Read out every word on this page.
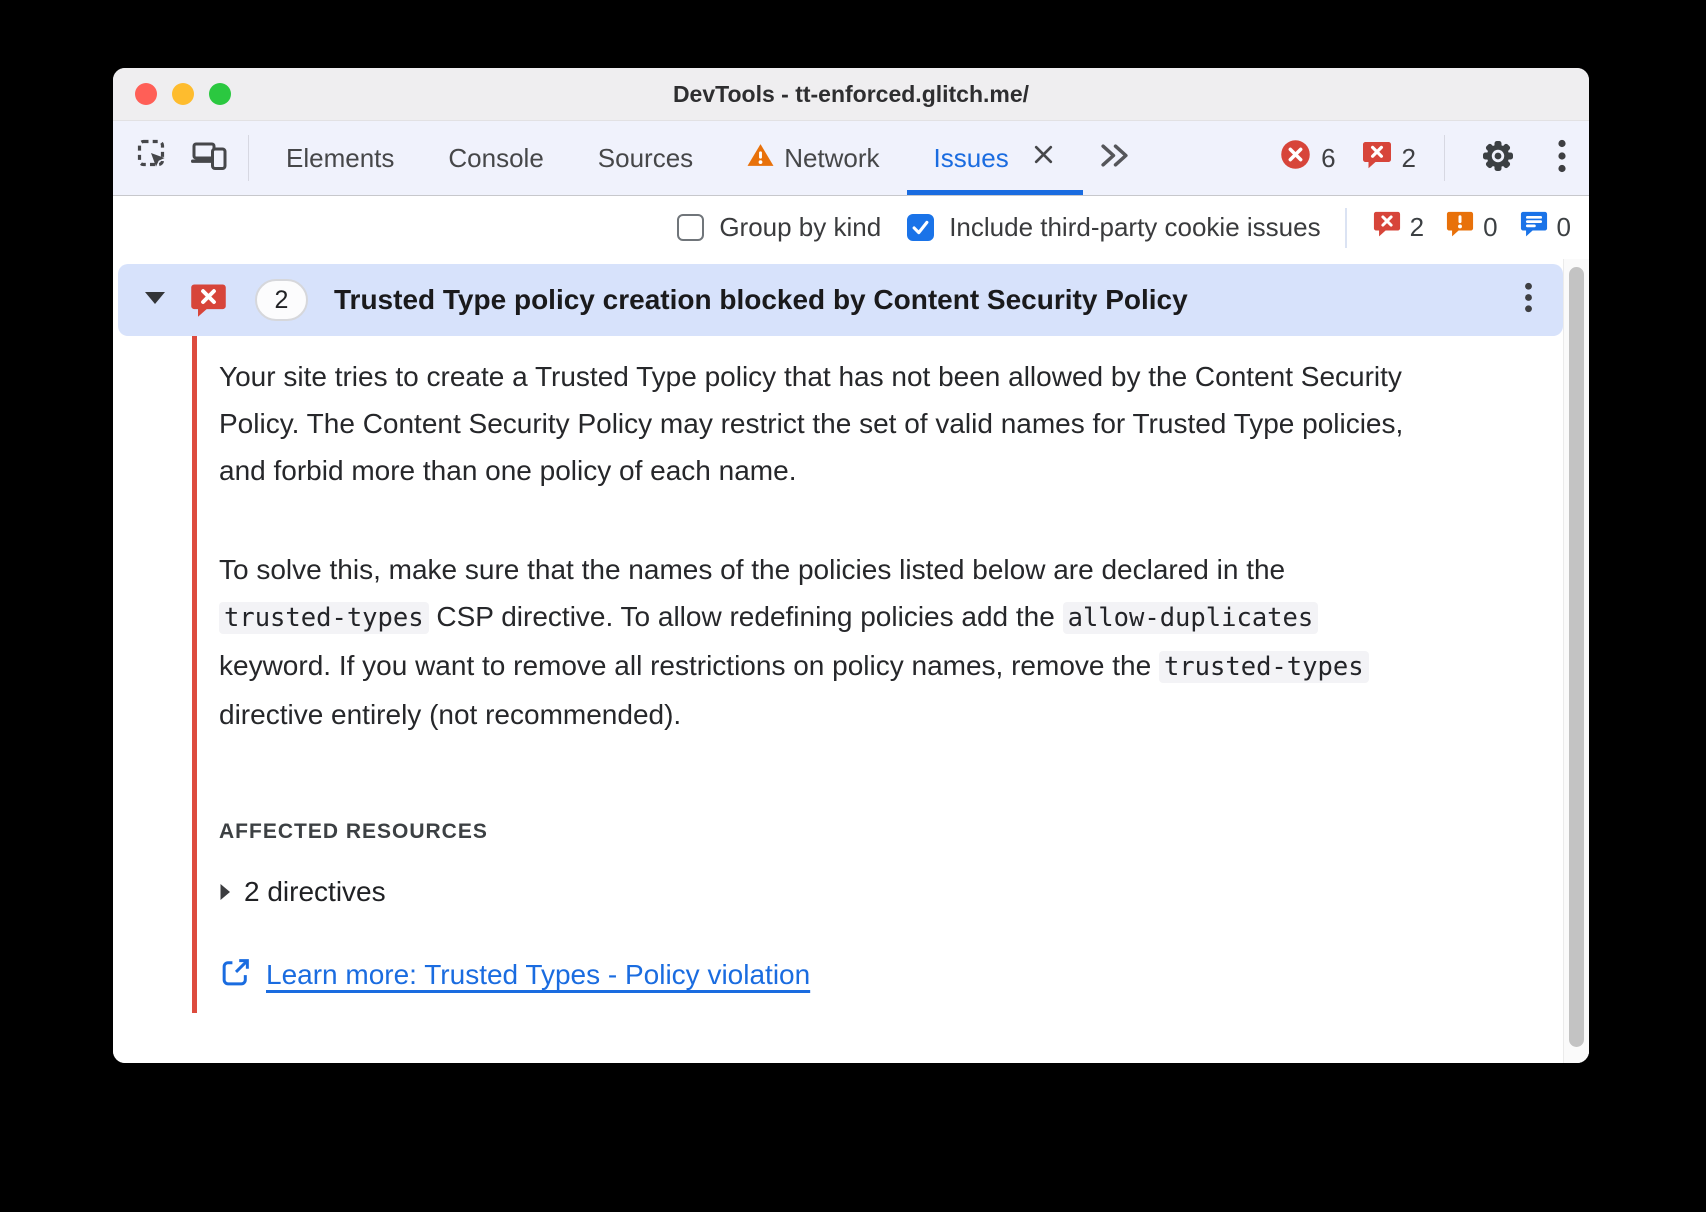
DevTools - tt-enforced.glitch.me/
Elements Console Sources	Network Issues	6	2
Group by kind	Include third-party cookie issues	2 0 0
2	Trusted Type policy creation blocked by Content Security Policy

Your site tries to create a Trusted Type policy that has not been allowed by the Content Security Policy. The Content Security Policy may restrict the set of valid names for Trusted Type policies, and forbid more than one policy of each name.

To solve this, make sure that the names of the policies listed below are declared in the trusted-types CSP directive. To allow redefining policies add the allow-duplicates keyword. If you want to remove all restrictions on policy names, remove the trusted-types directive entirely (not recommended).

AFFECTED RESOURCES
2 directives
Learn more: Trusted Types - Policy violation
